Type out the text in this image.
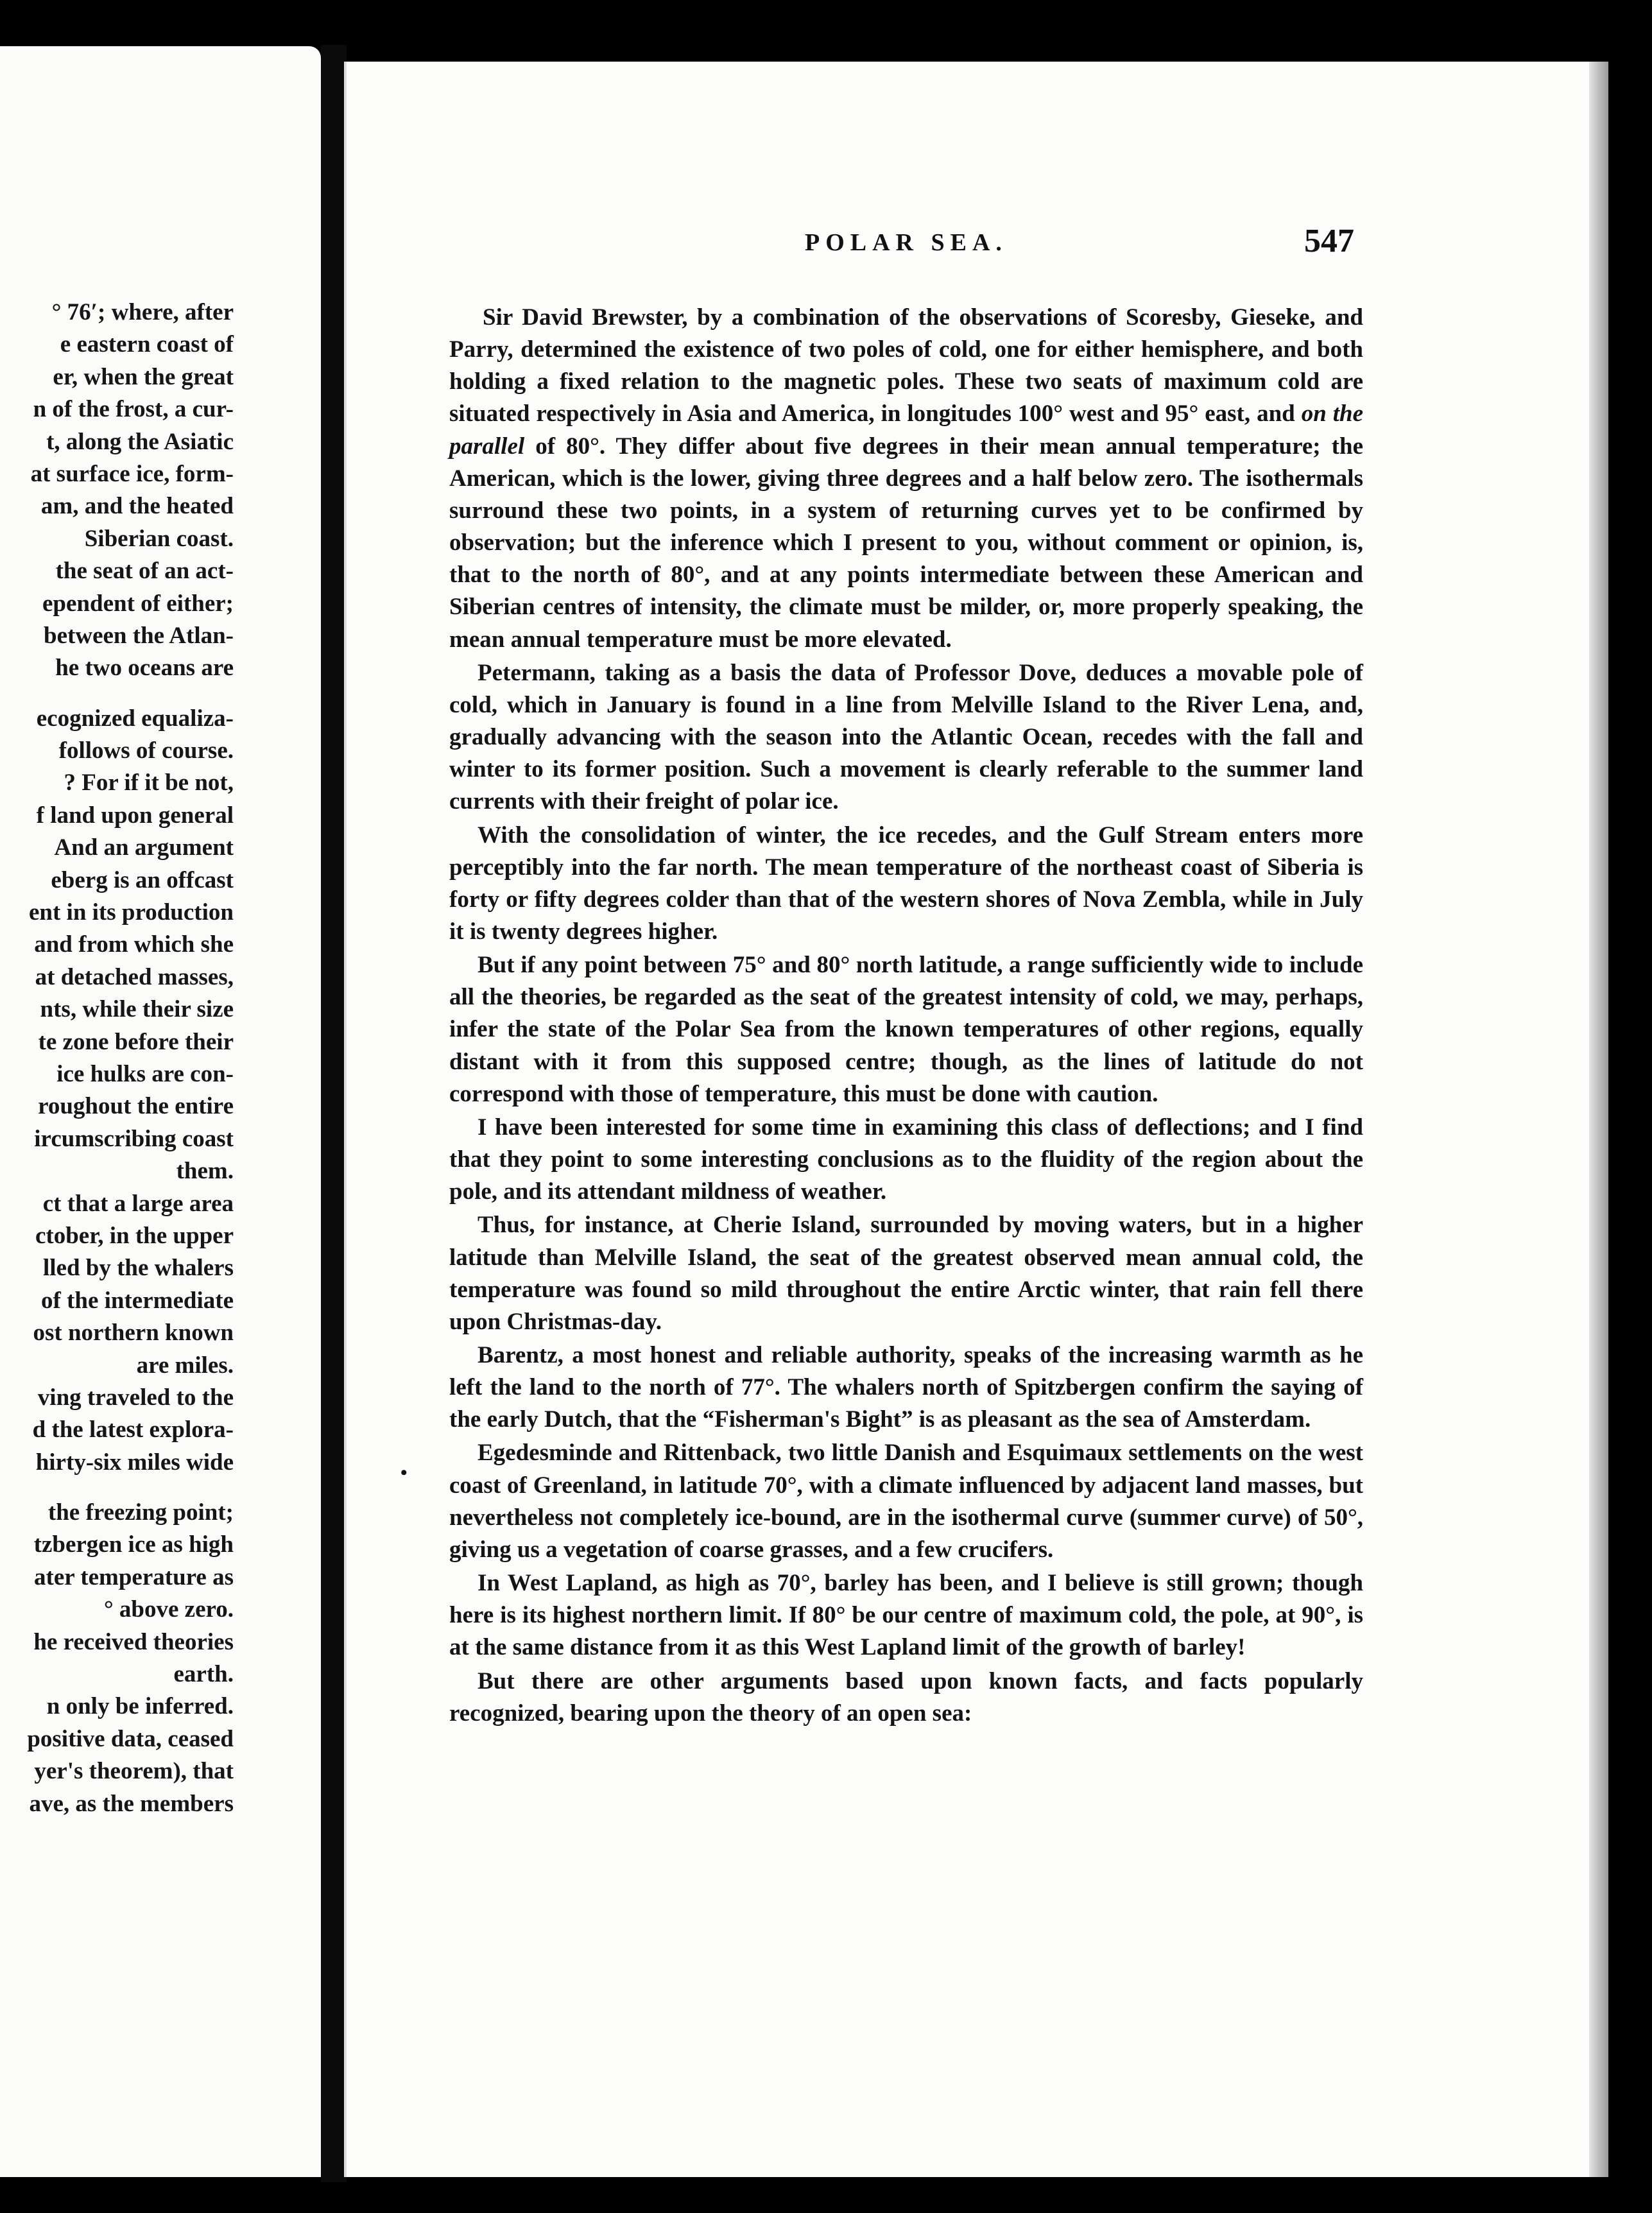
° 76′; where, after
e eastern coast of
er, when the great
n of the frost, a cur-
t, along the Asiatic
at surface ice, form-
am, and the heated
Siberian coast.
the seat of an act-
ependent of either;
between the Atlan-
he two oceans are
ecognized equaliza-
follows of course.
? For if it be not,
f land upon general
And an argument
eberg is an offcast
ent in its production
and from which she
at detached masses,
nts, while their size
te zone before their
ice hulks are con-
roughout the entire
ircumscribing coast
them.
ct that a large area
ctober, in the upper
lled by the whalers
of the intermediate
ost northern known
are miles.
ving traveled to the
d the latest explora-
hirty-six miles wide
the freezing point;
tzbergen ice as high
ater temperature as
° above zero.
he received theories
earth.
n only be inferred.
positive data, ceased
yer's theorem), that
ave, as the members
POLAR SEA.	547
•

Sir David Brewster, by a combination of the observations of Scoresby, Gieseke, and Parry, determined the existence of two poles of cold, one for either hemisphere, and both holding a fixed relation to the magnetic poles. These two seats of maximum cold are situated respectively in Asia and America, in longitudes 100° west and 95° east, and on the parallel of 80°. They differ about five degrees in their mean annual temperature; the American, which is the lower, giving three degrees and a half below zero. The isothermals surround these two points, in a system of returning curves yet to be confirmed by observation; but the inference which I present to you, without comment or opinion, is, that to the north of 80°, and at any points intermediate between these American and Siberian centres of intensity, the climate must be milder, or, more properly speaking, the mean annual temperature must be more elevated.

Petermann, taking as a basis the data of Professor Dove, deduces a movable pole of cold, which in January is found in a line from Melville Island to the River Lena, and, gradually advancing with the season into the Atlantic Ocean, recedes with the fall and winter to its former position. Such a movement is clearly referable to the summer land currents with their freight of polar ice.

With the consolidation of winter, the ice recedes, and the Gulf Stream enters more perceptibly into the far north. The mean temperature of the northeast coast of Siberia is forty or fifty degrees colder than that of the western shores of Nova Zembla, while in July it is twenty degrees higher.

But if any point between 75° and 80° north latitude, a range sufficiently wide to include all the theories, be regarded as the seat of the greatest intensity of cold, we may, perhaps, infer the state of the Polar Sea from the known temperatures of other regions, equally distant with it from this supposed centre; though, as the lines of latitude do not correspond with those of temperature, this must be done with caution.

I have been interested for some time in examining this class of deflections; and I find that they point to some interesting conclusions as to the fluidity of the region about the pole, and its attendant mildness of weather.

Thus, for instance, at Cherie Island, surrounded by moving waters, but in a higher latitude than Melville Island, the seat of the greatest observed mean annual cold, the temperature was found so mild throughout the entire Arctic winter, that rain fell there upon Christmas-day.

Barentz, a most honest and reliable authority, speaks of the increasing warmth as he left the land to the north of 77°. The whalers north of Spitzbergen confirm the saying of the early Dutch, that the “Fisherman's Bight” is as pleasant as the sea of Amsterdam.

Egedesminde and Rittenback, two little Danish and Esquimaux settlements on the west coast of Greenland, in latitude 70°, with a climate influenced by adjacent land masses, but nevertheless not completely ice-bound, are in the isothermal curve (summer curve) of 50°, giving us a vegetation of coarse grasses, and a few crucifers.

In West Lapland, as high as 70°, barley has been, and I believe is still grown; though here is its highest northern limit. If 80° be our centre of maximum cold, the pole, at 90°, is at the same distance from it as this West Lapland limit of the growth of barley!

But there are other arguments based upon known facts, and facts popularly recognized, bearing upon the theory of an open sea:
